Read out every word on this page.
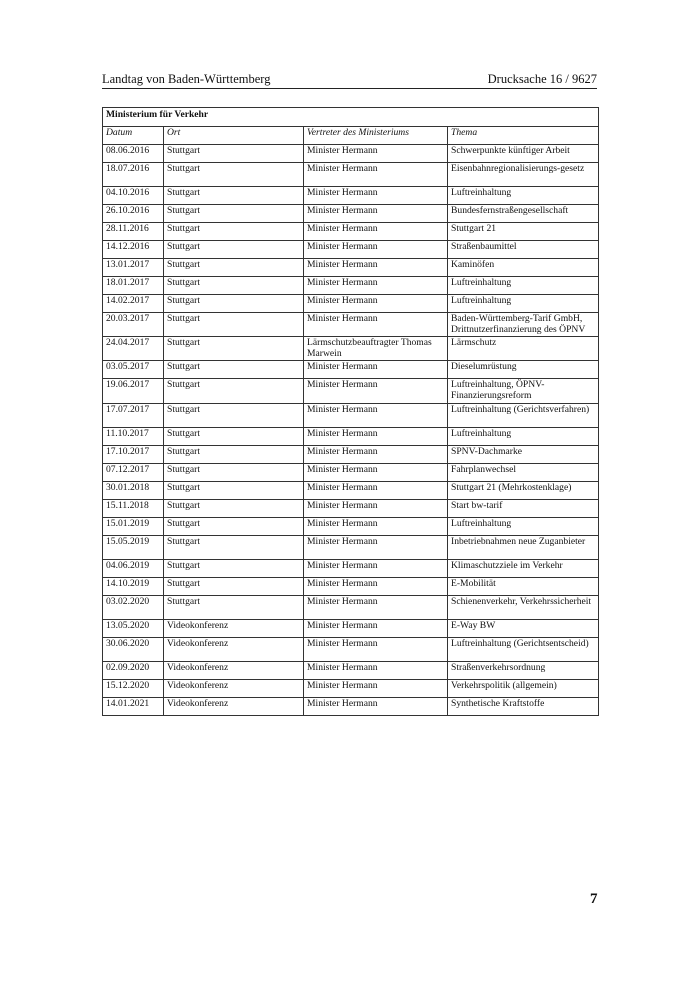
Landtag von Baden-Württemberg	Drucksache 16 / 9627
Ministerium für Verkehr			
Datum	Ort	Vertreter des Ministeriums	Thema
08.06.2016	Stuttgart	Minister Hermann	Schwerpunkte künftiger Arbeit
18.07.2016	Stuttgart	Minister Hermann	Eisenbahnregionalisierungs-gesetz
04.10.2016	Stuttgart	Minister Hermann	Luftreinhaltung
26.10.2016	Stuttgart	Minister Hermann	Bundesfernstraßengesellschaft
28.11.2016	Stuttgart	Minister Hermann	Stuttgart 21
14.12.2016	Stuttgart	Minister Hermann	Straßenbaumittel
13.01.2017	Stuttgart	Minister Hermann	Kaminöfen
18.01.2017	Stuttgart	Minister Hermann	Luftreinhaltung
14.02.2017	Stuttgart	Minister Hermann	Luftreinhaltung
20.03.2017	Stuttgart	Minister Hermann	Baden-Württemberg-Tarif GmbH, Drittnutzerfinanzierung des ÖPNV
24.04.2017	Stuttgart	Lärmschutzbeauftragter Thomas Marwein	Lärmschutz
03.05.2017	Stuttgart	Minister Hermann	Dieselumrüstung
19.06.2017	Stuttgart	Minister Hermann	Luftreinhaltung, ÖPNV-Finanzierungsreform
17.07.2017	Stuttgart	Minister Hermann	Luftreinhaltung (Gerichtsverfahren)
11.10.2017	Stuttgart	Minister Hermann	Luftreinhaltung
17.10.2017	Stuttgart	Minister Hermann	SPNV-Dachmarke
07.12.2017	Stuttgart	Minister Hermann	Fahrplanwechsel
30.01.2018	Stuttgart	Minister Hermann	Stuttgart 21 (Mehrkostenklage)
15.11.2018	Stuttgart	Minister Hermann	Start bw-tarif
15.01.2019	Stuttgart	Minister Hermann	Luftreinhaltung
15.05.2019	Stuttgart	Minister Hermann	Inbetriebnahmen neue Zuganbieter
04.06.2019	Stuttgart	Minister Hermann	Klimaschutzziele im Verkehr
14.10.2019	Stuttgart	Minister Hermann	E-Mobilität
03.02.2020	Stuttgart	Minister Hermann	Schienenverkehr, Verkehrssicherheit
13.05.2020	Videokonferenz	Minister Hermann	E-Way BW
30.06.2020	Videokonferenz	Minister Hermann	Luftreinhaltung (Gerichtsentscheid)
02.09.2020	Videokonferenz	Minister Hermann	Straßenverkehrsordnung
15.12.2020	Videokonferenz	Minister Hermann	Verkehrspolitik (allgemein)
14.01.2021	Videokonferenz	Minister Hermann	Synthetische Kraftstoffe
7
